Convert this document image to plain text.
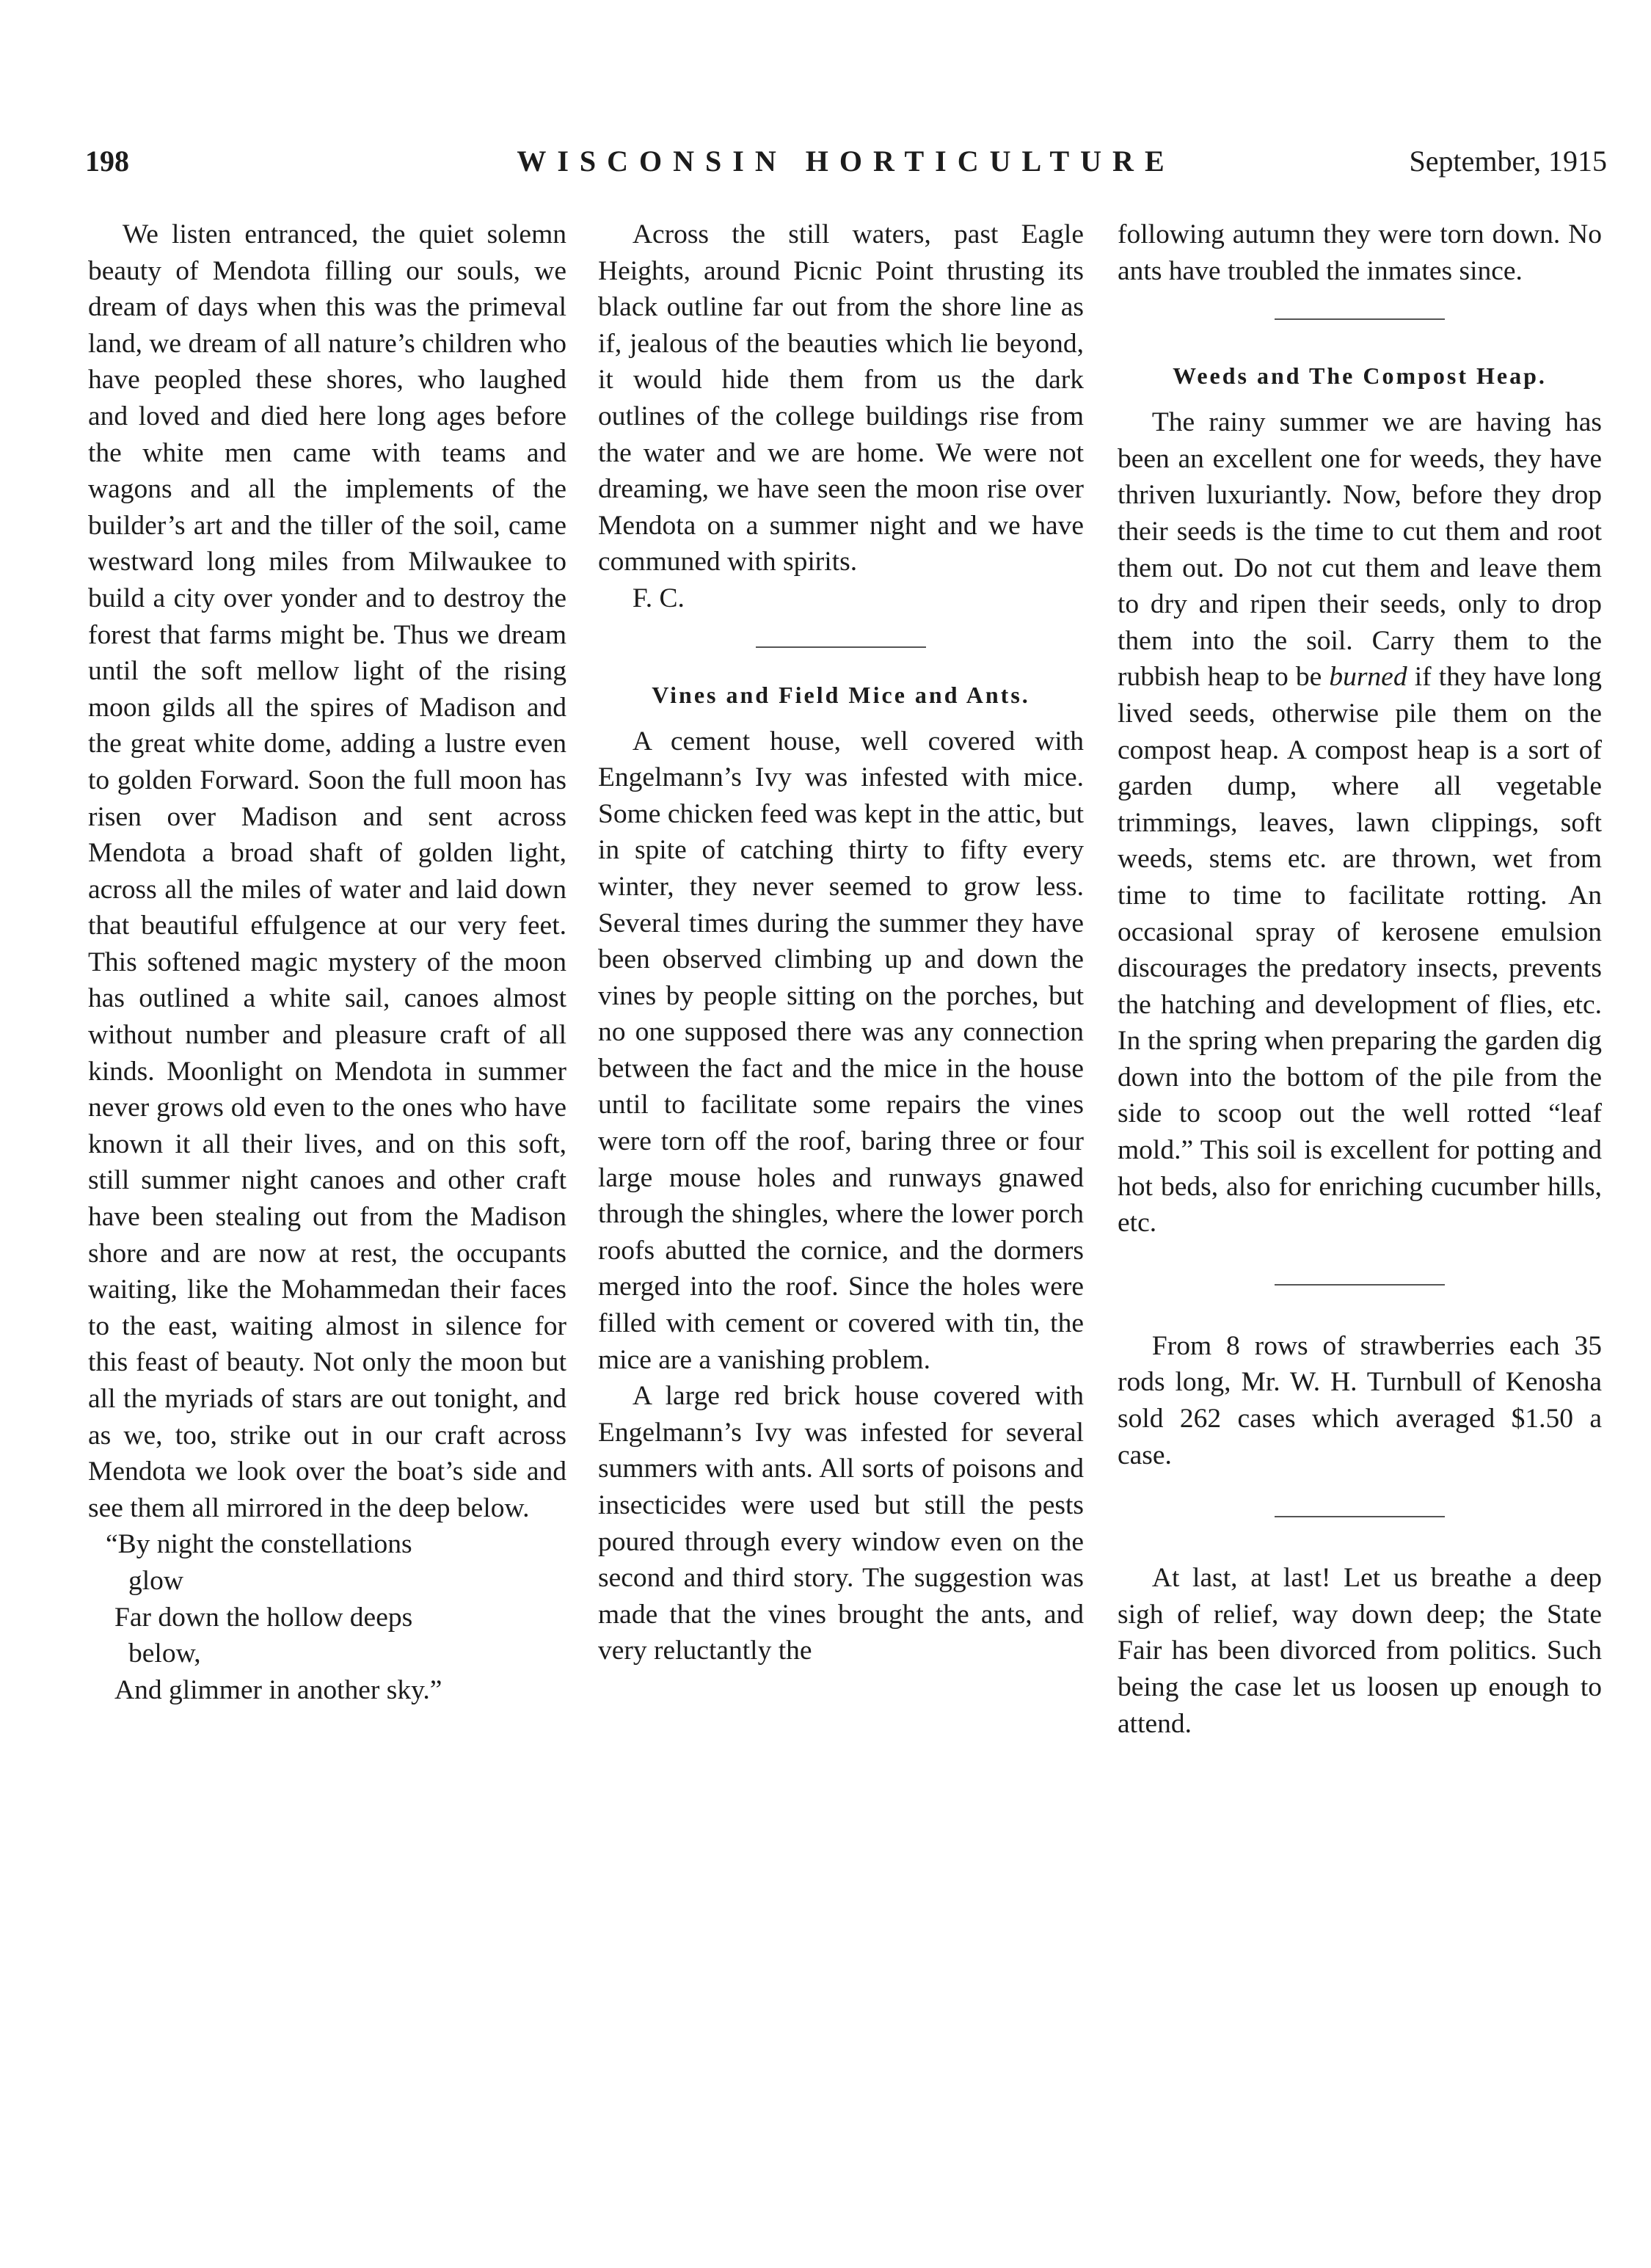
WISCONSIN HORTICULTURE
198	September, 1915

We listen entranced, the quiet solemn beauty of Mendota filling our souls, we dream of days when this was the primeval land, we dream of all nature’s children who have peopled these shores, who laughed and loved and died here long ages before the white men came with teams and wagons and all the implements of the builder’s art and the tiller of the soil, came westward long miles from Milwaukee to build a city over yonder and to destroy the forest that farms might be. Thus we dream until the soft mellow light of the rising moon gilds all the spires of Madison and the great white dome, adding a lustre even to golden Forward. Soon the full moon has risen over Madison and sent across Mendota a broad shaft of golden light, across all the miles of water and laid down that beautiful effulgence at our very feet. This softened magic mystery of the moon has outlined a white sail, canoes almost without number and pleasure craft of all kinds. Moonlight on Mendota in summer never grows old even to the ones who have known it all their lives, and on this soft, still summer night canoes and other craft have been stealing out from the Madison shore and are now at rest, the occupants waiting, like the Mohammedan their faces to the east, waiting almost in silence for this feast of beauty. Not only the moon but all the myriads of stars are out tonight, and as we, too, strike out in our craft across Mendota we look over the boat’s side and see them all mirrored in the deep below.

“By night the constellations
glow
Far down the hollow deeps
below,
And glimmer in another sky.”

Across the still waters, past Eagle Heights, around Picnic Point thrusting its black outline far out from the shore line as if, jealous of the beauties which lie beyond, it would hide them from us the dark outlines of the college buildings rise from the water and we are home. We were not dreaming, we have seen the moon rise over Mendota on a summer night and we have communed with spirits.

F. C.

Vines and Field Mice and Ants.

A cement house, well covered with Engelmann’s Ivy was infested with mice. Some chicken feed was kept in the attic, but in spite of catching thirty to fifty every winter, they never seemed to grow less. Several times during the summer they have been observed climbing up and down the vines by people sitting on the porches, but no one supposed there was any connection between the fact and the mice in the house until to facilitate some repairs the vines were torn off the roof, baring three or four large mouse holes and runways gnawed through the shingles, where the lower porch roofs abutted the cornice, and the dormers merged into the roof. Since the holes were filled with cement or covered with tin, the mice are a vanishing problem.

A large red brick house covered with Engelmann’s Ivy was infested for several summers with ants. All sorts of poisons and insecticides were used but still the pests poured through every window even on the second and third story. The suggestion was made that the vines brought the ants, and very reluctantly the

following autumn they were torn down. No ants have troubled the inmates since.

Weeds and The Compost Heap.

The rainy summer we are having has been an excellent one for weeds, they have thriven luxuriantly. Now, before they drop their seeds is the time to cut them and root them out. Do not cut them and leave them to dry and ripen their seeds, only to drop them into the soil. Carry them to the rubbish heap to be burned if they have long lived seeds, otherwise pile them on the compost heap. A compost heap is a sort of garden dump, where all vegetable trimmings, leaves, lawn clippings, soft weeds, stems etc. are thrown, wet from time to time to facilitate rotting. An occasional spray of kerosene emulsion discourages the predatory insects, prevents the hatching and development of flies, etc. In the spring when preparing the garden dig down into the bottom of the pile from the side to scoop out the well rotted “leaf mold.” This soil is excellent for potting and hot beds, also for enriching cucumber hills, etc.

From 8 rows of strawberries each 35 rods long, Mr. W. H. Turnbull of Kenosha sold 262 cases which averaged $1.50 a case.

At last, at last! Let us breathe a deep sigh of relief, way down deep; the State Fair has been divorced from politics. Such being the case let us loosen up enough to attend.
